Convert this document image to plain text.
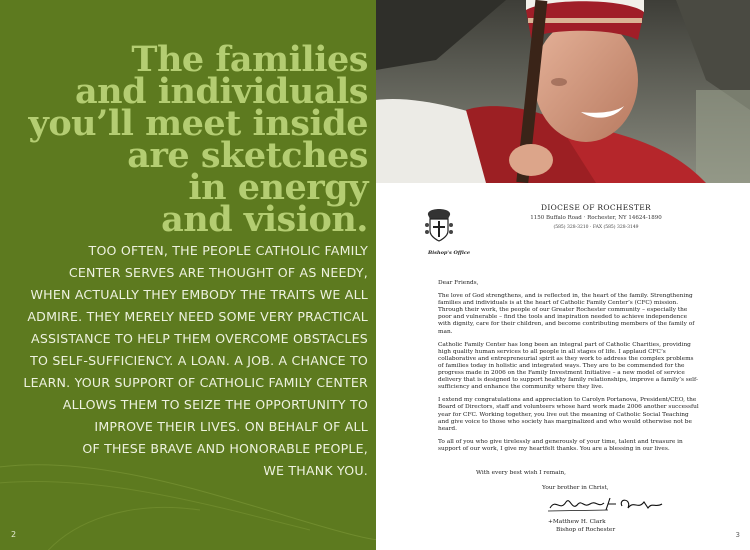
The families
and individuals
you’ll meet inside
are sketches
in energy
and vision.
TOO OFTEN, THE PEOPLE CATHOLIC FAMILY
CENTER SERVES ARE THOUGHT OF AS NEEDY,
WHEN ACTUALLY THEY EMBODY THE TRAITS WE ALL
ADMIRE. THEY MERELY NEED SOME VERY PRACTICAL
ASSISTANCE TO HELP THEM OVERCOME OBSTACLES
TO SELF-SUFFICIENCY. A LOAN. A JOB. A CHANCE TO
LEARN. YOUR SUPPORT OF CATHOLIC FAMILY CENTER
ALLOWS THEM TO SEIZE THE OPPORTUNITY TO
IMPROVE THEIR LIVES. ON BEHALF OF ALL
OF THESE BRAVE AND HONORABLE PEOPLE,
WE THANK YOU.
2
Bishop's Office
DIOCESE OF ROCHESTER
1150 Buffalo Road · Rochester, NY 14624-1890
(585) 328-3210 · FAX (585) 328-3149

Dear Friends,

The love of God strengthens, and is reflected in, the heart of the family. Strengthening families and individuals is at the heart of Catholic Family Center’s (CFC) mission. Through their work, the people of our Greater Rochester community – especially the poor and vulnerable – find the tools and inspiration needed to achieve independence with dignity, care for their children, and become contributing members of the family of man.

Catholic Family Center has long been an integral part of Catholic Charities, providing high quality human services to all people in all stages of life. I applaud CFC’s collaborative and entrepreneurial spirit as they work to address the complex problems of families today in holistic and integrated ways. They are to be commended for the progress made in 2006 on the Family Investment Initiative – a new model of service delivery that is designed to support healthy family relationships, improve a family’s self-sufficiency and enhance the community where they live.

I extend my congratulations and appreciation to Carolyn Portanova, President/CEO, the Board of Directors, staff and volunteers whose hard work made 2006 another successful year for CFC. Working together, you live out the meaning of Catholic Social Teaching and give voice to those who society has marginalized and who would otherwise not be heard.

To all of you who give tirelessly and generously of your time, talent and treasure in support of our work, I give my heartfelt thanks. You are a blessing in our lives.

With every best wish I remain,
Your brother in Christ,
+Matthew H. Clark
Bishop of Rochester
3
